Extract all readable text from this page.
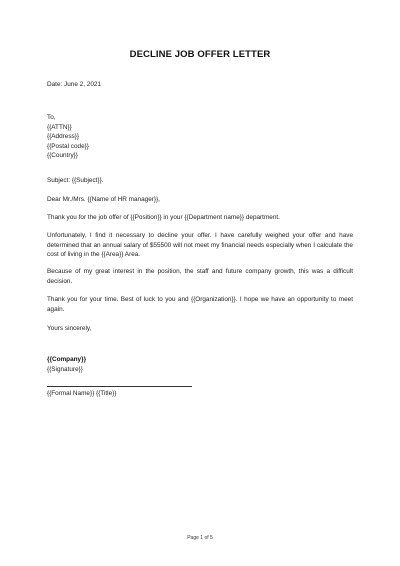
DECLINE JOB OFFER LETTER
Date: June 2, 2021
To,
{{ATTN}}
{{Address}}
{{Postal code}}
{{Country}}
Subject: {{Subject}}.
Dear Mr./Mrs. {{Name of HR manager}},
Thank you for the job offer of {{Position}} in your {{Department name}} department.
Unfortunately, I find it necessary to decline your offer. I have carefully weighed your offer and have determined that an annual salary of $55500 will not meet my financial needs especially when I calculate the cost of living in the {{Area}} Area.
Because of my great interest in the position, the staff and future company growth, this was a difficult decision.
Thank you for your time. Best of luck to you and {{Organization}}. I hope we have an opportunity to meet again.
Yours sincerely,
{{Company}}
{{Signature}}
{{Formal Name}} {{Title}}
Page 1 of 5
